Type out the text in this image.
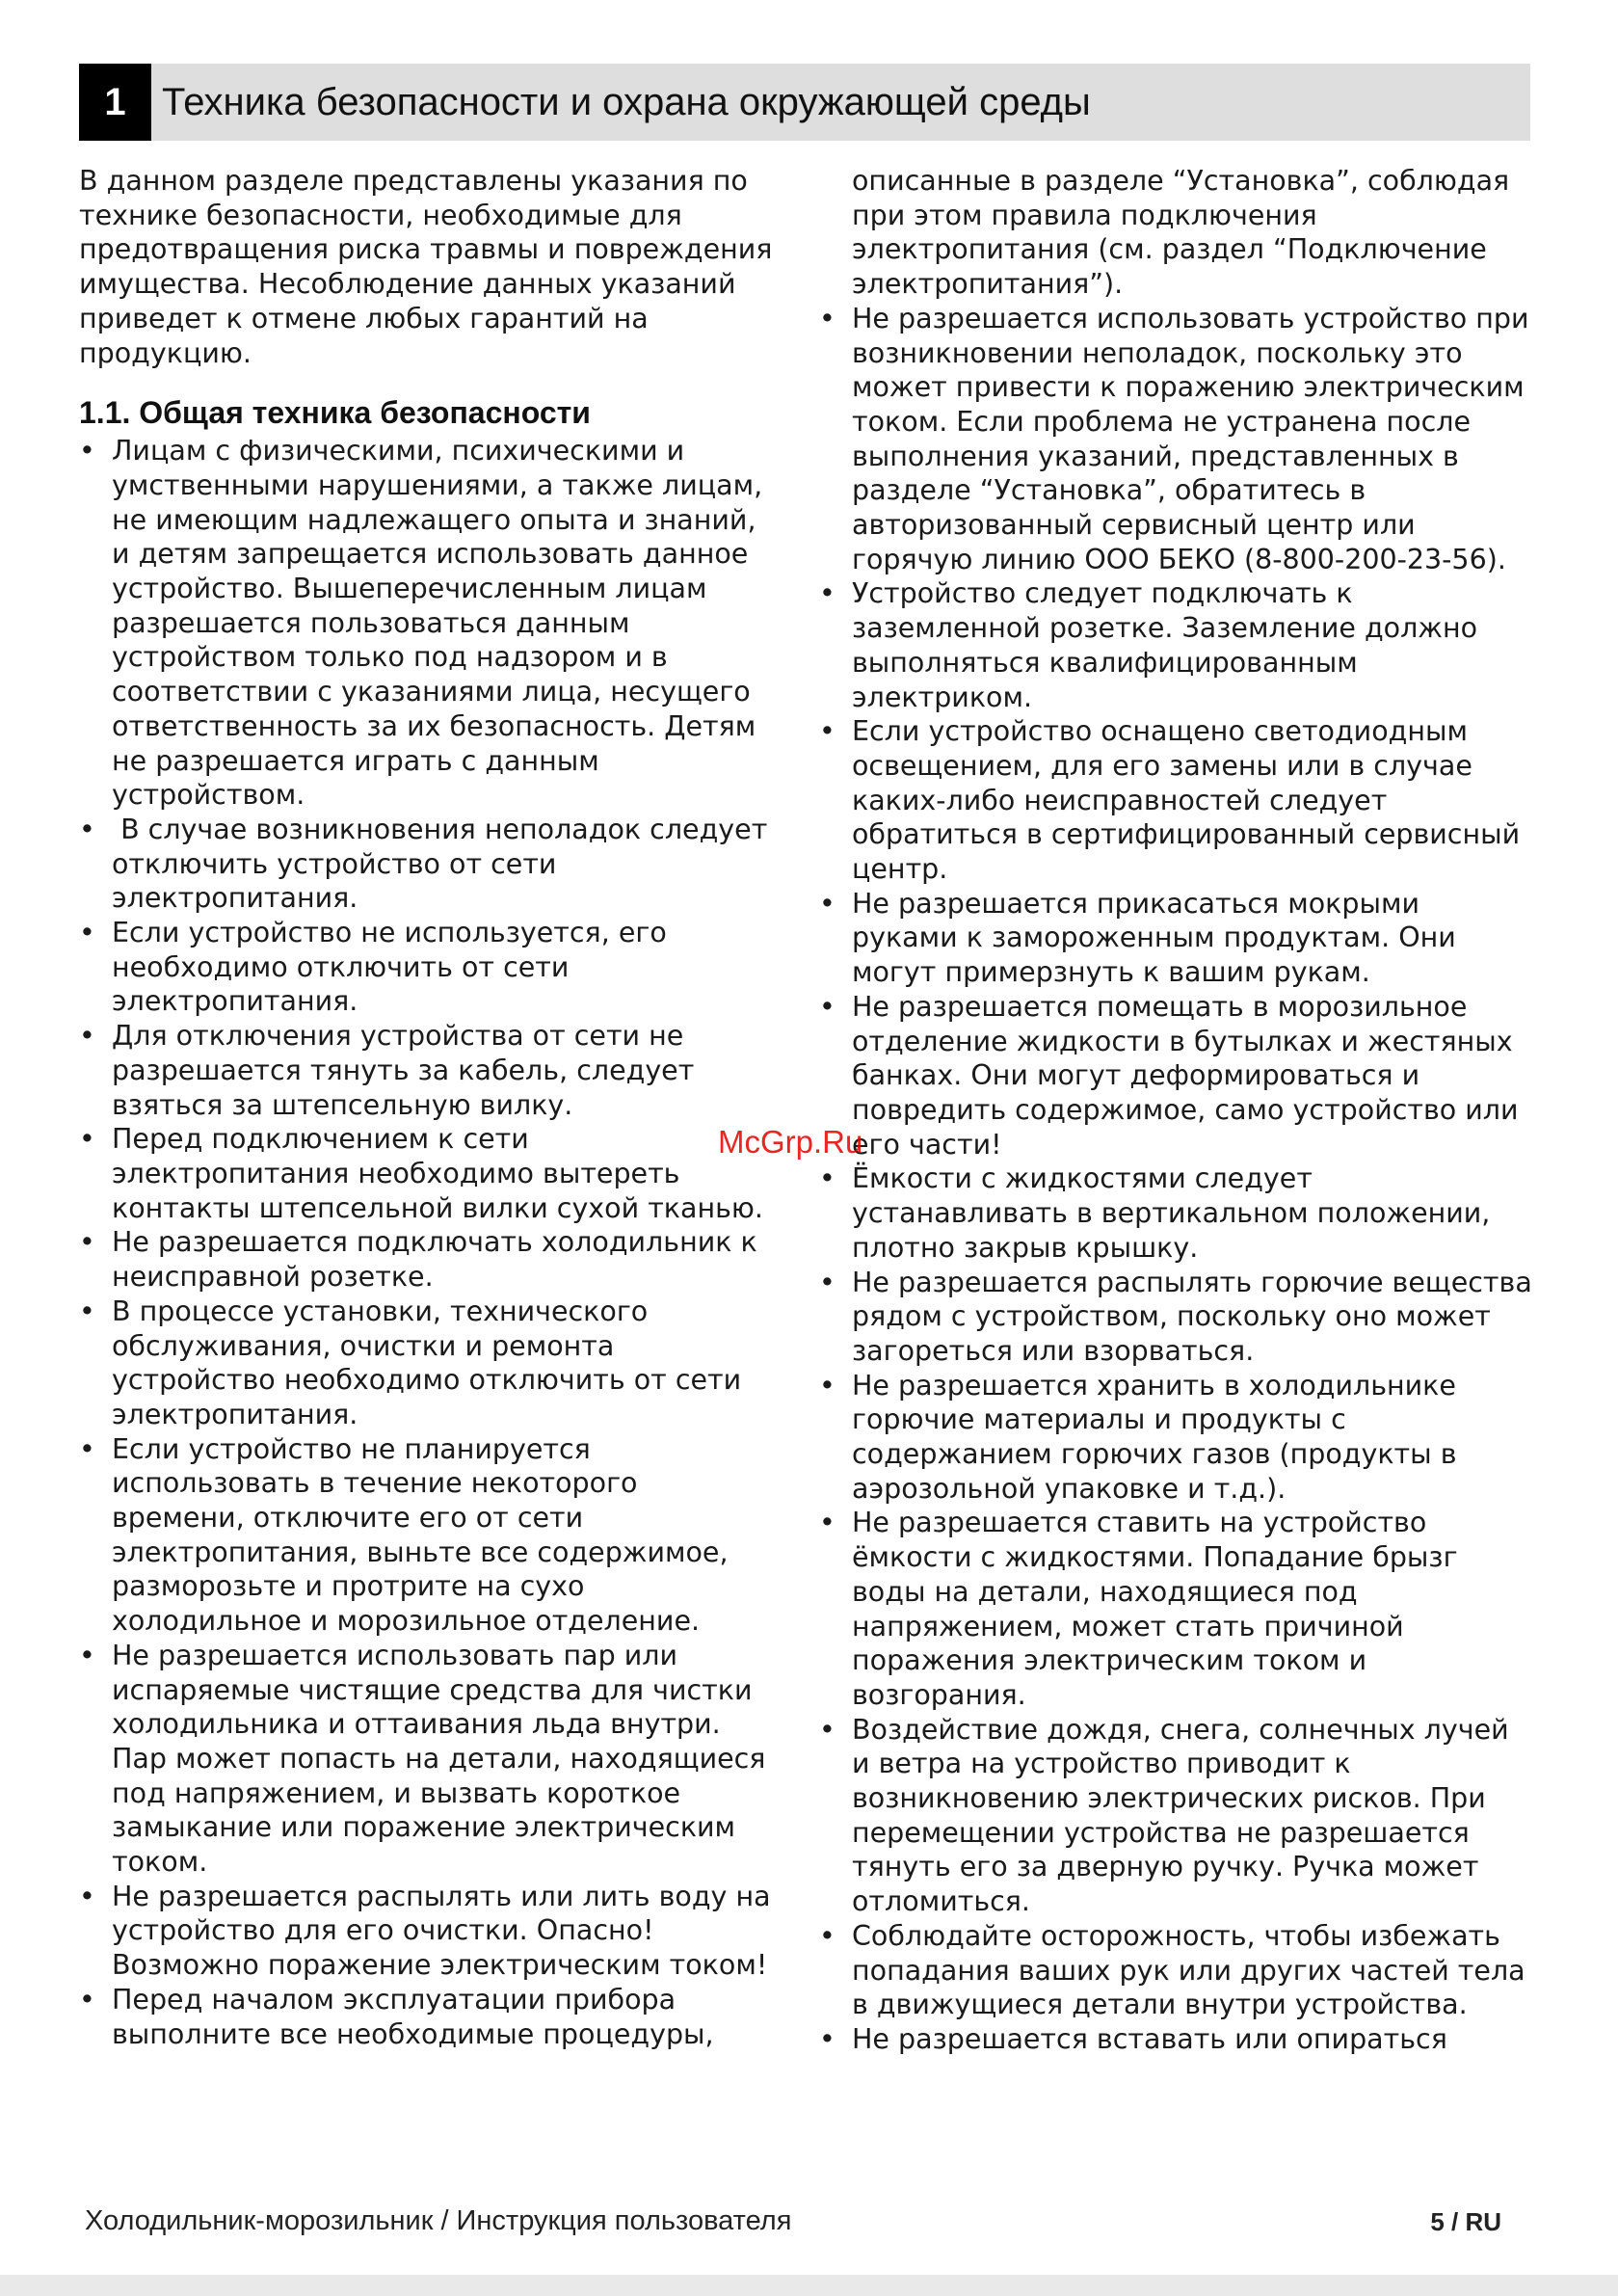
1 Техника безопасности и охрана окружающей среды

В данном разделе представлены указания по технике безопасности, необходимые для предотвращения риска травмы и повреждения имущества. Несоблюдение данных указаний приведет к отмене любых гарантий на продукцию.

1.1. Общая техника безопасности
• Лицам с физическими, психическими и умственными нарушениями, а также лицам, не имеющим надлежащего опыта и знаний, и детям запрещается использовать данное устройство. Вышеперечисленным лицам разрешается пользоваться данным устройством только под надзором и в соответствии с указаниями лица, несущего ответственность за их безопасность. Детям не разрешается играть с данным устройством.
• В случае возникновения неполадок следует отключить устройство от сети электропитания.
• Если устройство не используется, его необходимо отключить от сети электропитания.
• Для отключения устройства от сети не разрешается тянуть за кабель, следует взяться за штепсельную вилку.
• Перед подключением к сети электропитания необходимо вытереть контакты штепсельной вилки сухой тканью.
• Не разрешается подключать холодильник к неисправной розетке.
• В процессе установки, технического обслуживания, очистки и ремонта устройство необходимо отключить от сети электропитания.
• Если устройство не планируется использовать в течение некоторого времени, отключите его от сети электропитания, выньте все содержимое, разморозьте и протрите на сухо холодильное и морозильное отделение.
• Не разрешается использовать пар или испаряемые чистящие средства для чистки холодильника и оттаивания льда внутри. Пар может попасть на детали, находящиеся под напряжением, и вызвать короткое замыкание или поражение электрическим током.
• Не разрешается распылять или лить воду на устройство для его очистки. Опасно! Возможно поражение электрическим током!
• Перед началом эксплуатации прибора выполните все необходимые процедуры,
описанные в разделе “Установка”, соблюдая при этом правила подключения электропитания (см. раздел “Подключение электропитания”).
• Не разрешается использовать устройство при возникновении неполадок, поскольку это может привести к поражению электрическим током. Если проблема не устранена после выполнения указаний, представленных в разделе “Установка”, обратитесь в авторизованный сервисный центр или горячую линию ООО БЕКО (8-800-200-23-56).
• Устройство следует подключать к заземленной розетке. Заземление должно выполняться квалифицированным электриком.
• Если устройство оснащено светодиодным освещением, для его замены или в случае каких-либо неисправностей следует обратиться в сертифицированный сервисный центр.
• Не разрешается прикасаться мокрыми руками к замороженным продуктам. Они могут примерзнуть к вашим рукам.
• Не разрешается помещать в морозильное отделение жидкости в бутылках и жестяных банках. Они могут деформироваться и повредить содержимое, само устройство или его части!
• Ёмкости с жидкостями следует устанавливать в вертикальном положении, плотно закрыв крышку.
• Не разрешается распылять горючие вещества рядом с устройством, поскольку оно может загореться или взорваться.
• Не разрешается хранить в холодильнике горючие материалы и продукты с содержанием горючих газов (продукты в аэрозольной упаковке и т.д.).
• Не разрешается ставить на устройство ёмкости с жидкостями. Попадание брызг воды на детали, находящиеся под напряжением, может стать причиной поражения электрическим током и возгорания.
• Воздействие дождя, снега, солнечных лучей и ветра на устройство приводит к возникновению электрических рисков. При перемещении устройства не разрешается тянуть его за дверную ручку. Ручка может отломиться.
• Соблюдайте осторожность, чтобы избежать попадания ваших рук или других частей тела в движущиеся детали внутри устройства.
• Не разрешается вставать или опираться
McGrp.Ru
Холодильник-морозильник / Инструкция пользователя	5 / RU
